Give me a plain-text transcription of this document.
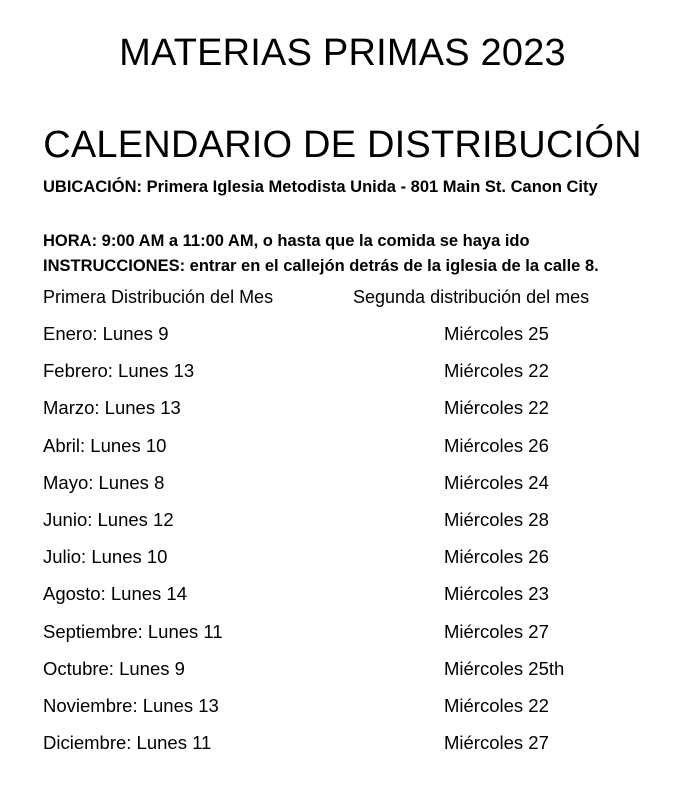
MATERIAS PRIMAS 2023
CALENDARIO DE DISTRIBUCIÓN
UBICACIÓN: Primera Iglesia Metodista Unida - 801 Main St. Canon City
HORA: 9:00 AM a 11:00 AM, o hasta que la comida se haya ido
INSTRUCCIONES: entrar en el callejón detrás de la iglesia de la calle 8.
Primera Distribución del Mes	Segunda distribución del mes
Enero: Lunes 9	Miércoles 25
Febrero: Lunes 13	Miércoles 22
Marzo: Lunes 13	Miércoles 22
Abril: Lunes 10	Miércoles 26
Mayo: Lunes 8	Miércoles 24
Junio: Lunes 12	Miércoles 28
Julio: Lunes 10	Miércoles 26
Agosto: Lunes 14	Miércoles 23
Septiembre: Lunes 11	Miércoles 27
Octubre: Lunes 9	Miércoles 25th
Noviembre: Lunes 13	Miércoles 22
Diciembre: Lunes 11	Miércoles 27
